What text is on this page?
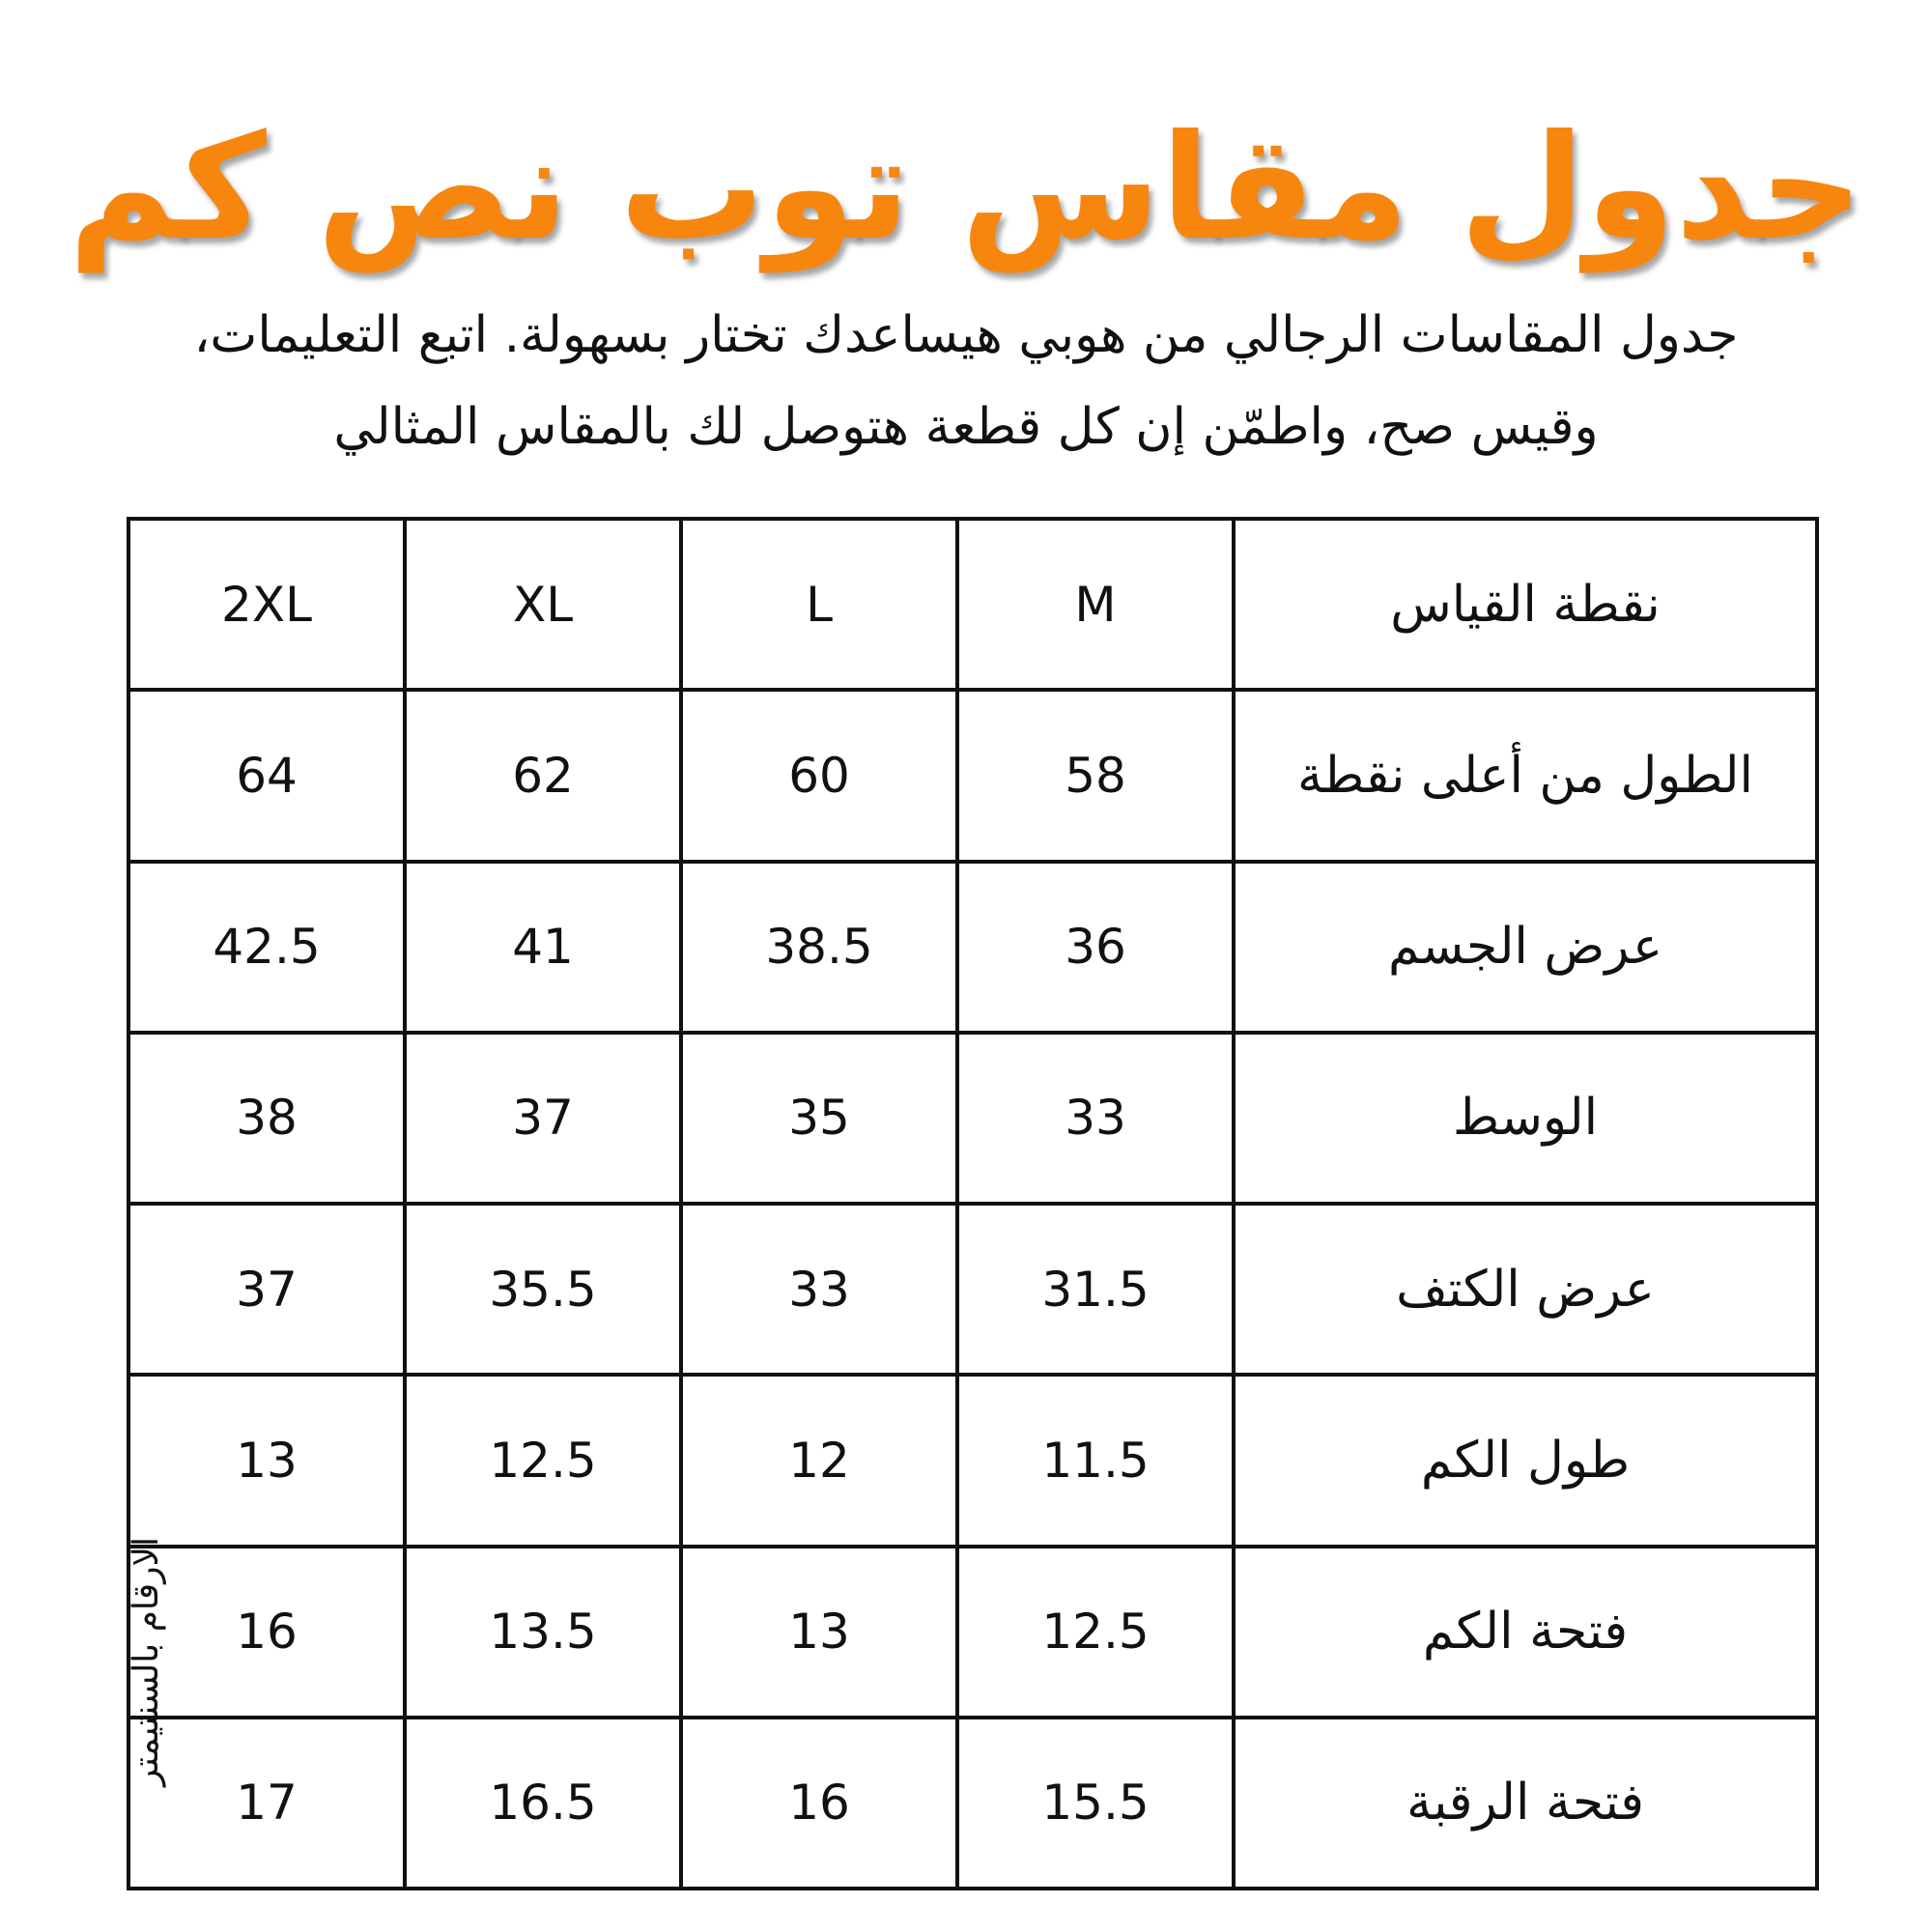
جدول مقاس توب نص كم
جدول المقاسات الرجالي من هوبي هيساعدك تختار بسهولة. اتبع التعليمات،
وقيس صح، واطمّن إن كل قطعة هتوصل لك بالمقاس المثالي
نقطة القياس	M	L	XL	2XL
الطول من أعلى نقطة	58	60	62	64
عرض الجسم	36	38.5	41	42.5
الوسط	33	35	37	38
عرض الكتف	31.5	33	35.5	37
طول الكم	11.5	12	12.5	13
فتحة الكم	12.5	13	13.5	16
فتحة الرقبة	15.5	16	16.5	17
الارقام بالسنتيمتر
